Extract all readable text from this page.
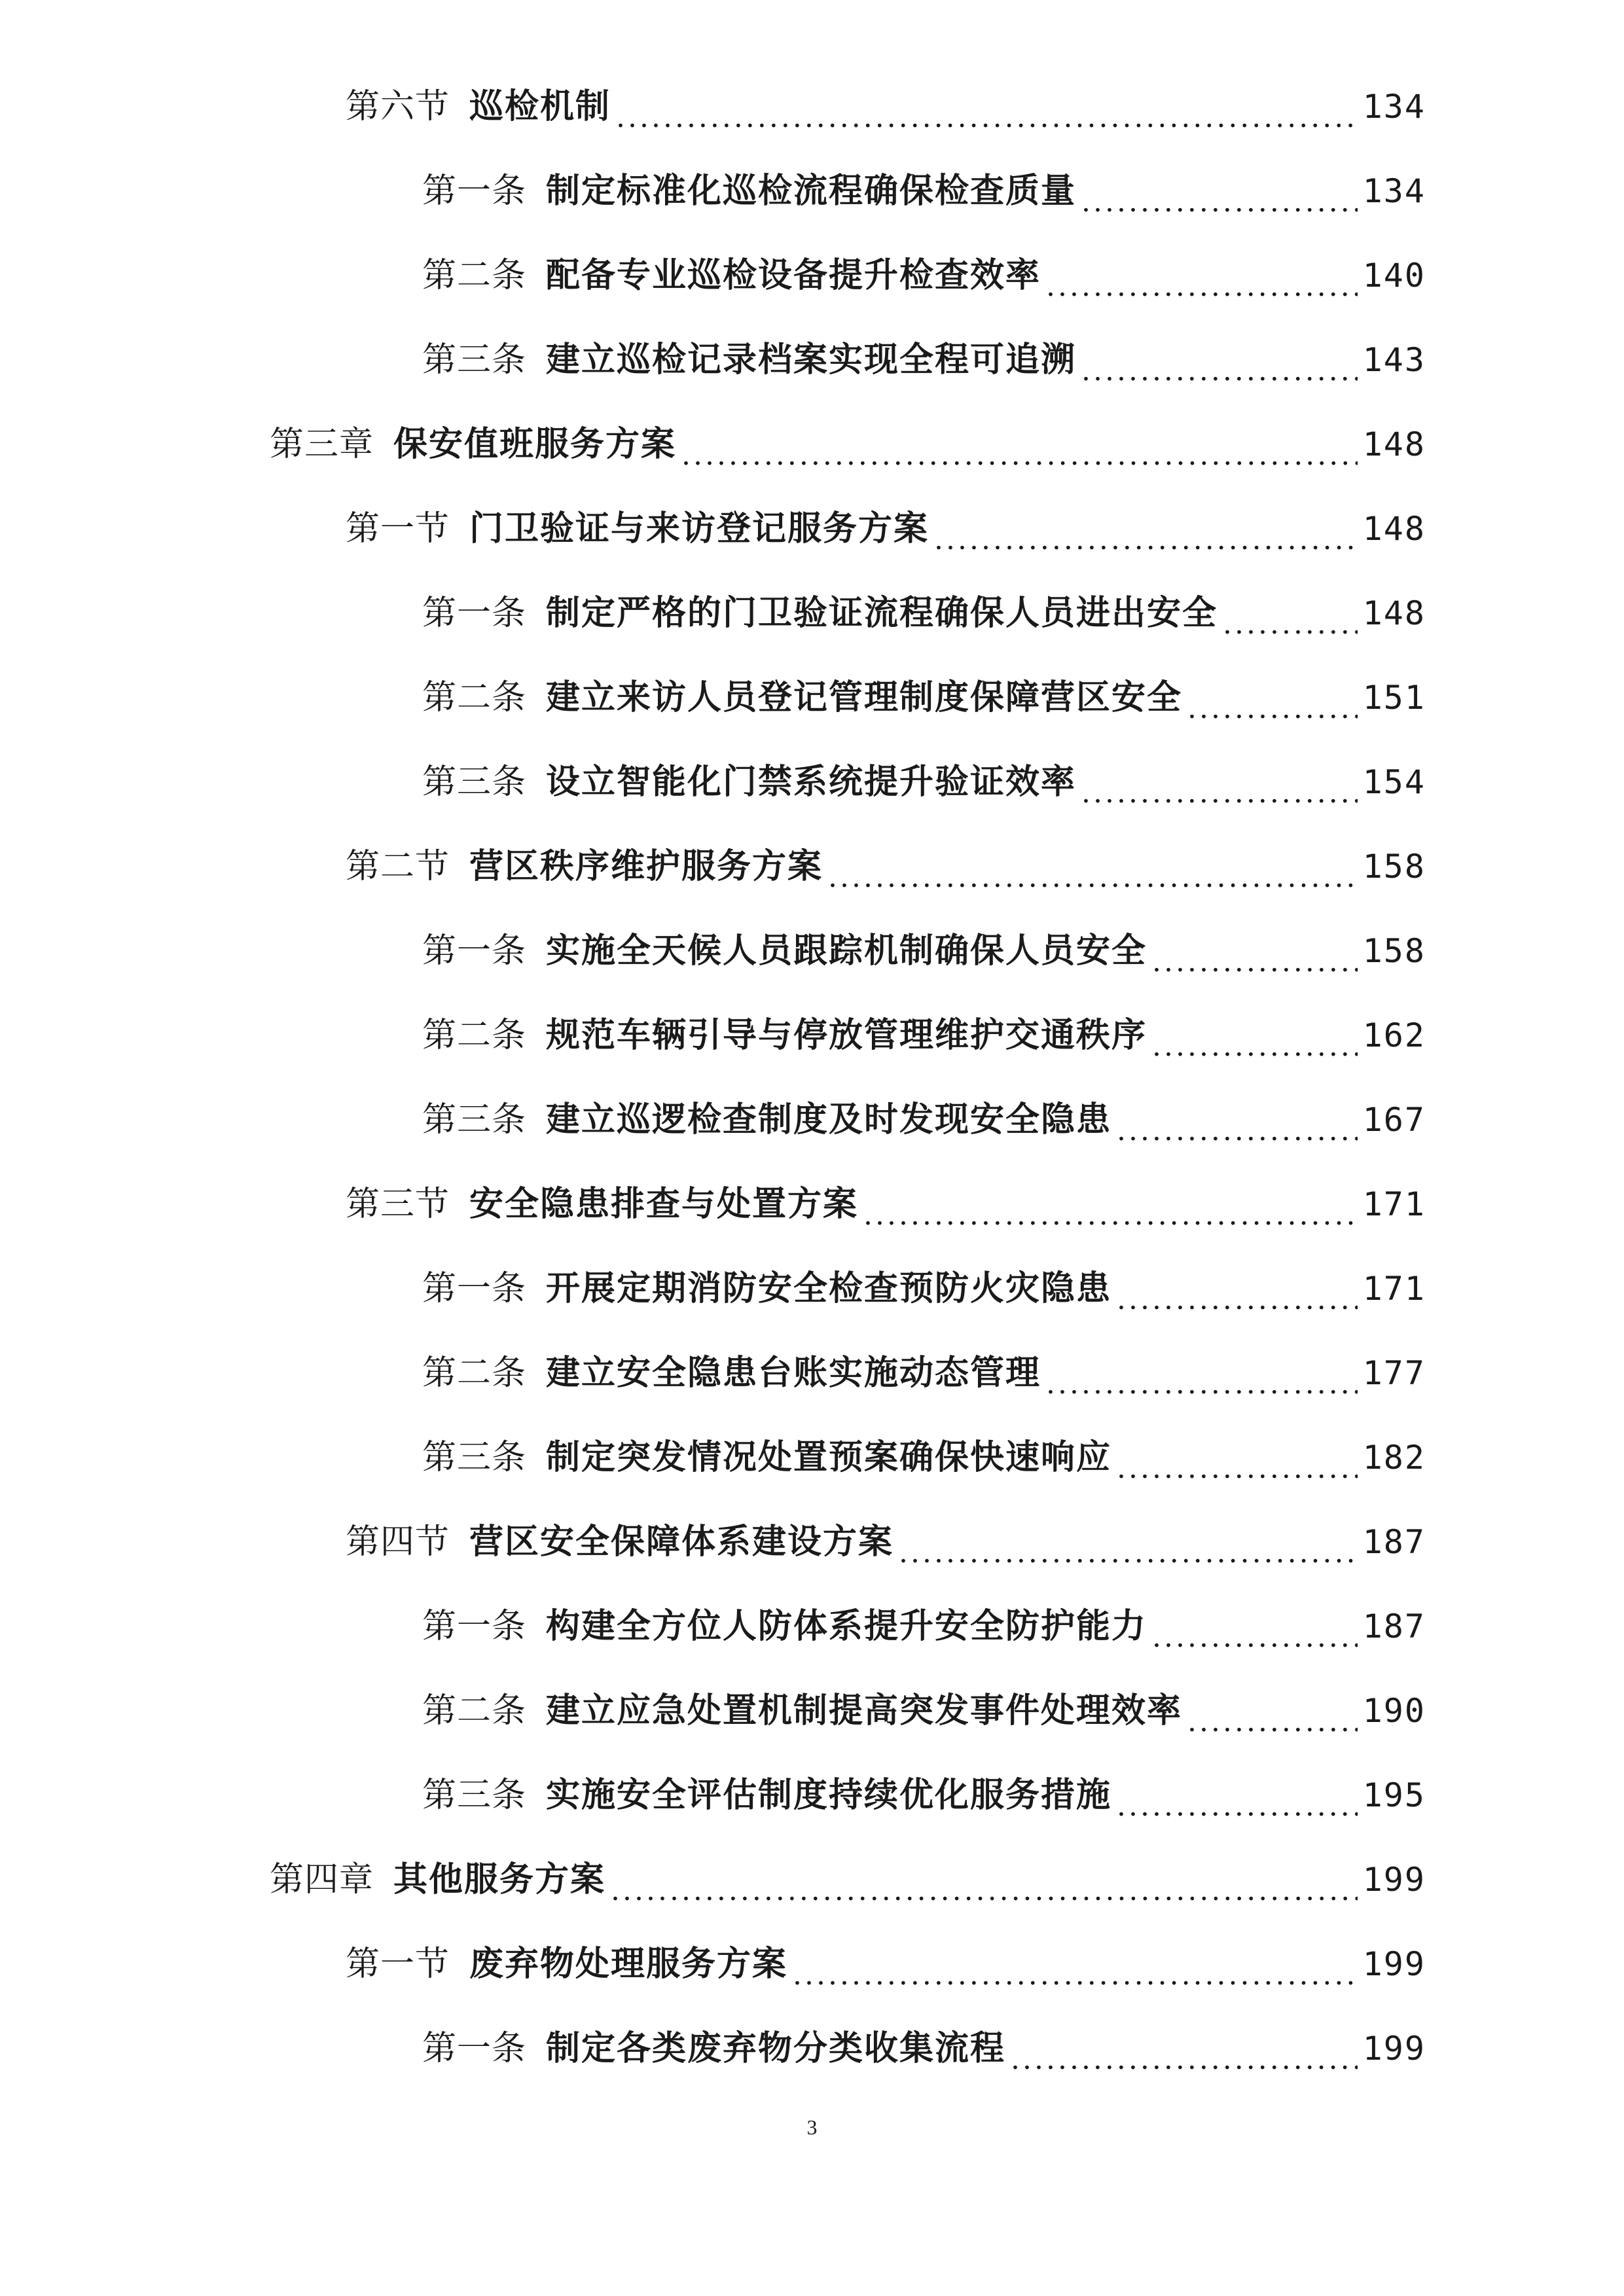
第六节 巡检机制 .....	134
第一条 制定标准化巡检流程确保检查质量 .....	134
第二条 配备专业巡检设备提升检查效率 .....	140
第三条 建立巡检记录档案实现全程可追溯 .....	143
第三章 保安值班服务方案 .....	148
第一节 门卫验证与来访登记服务方案 .....	148
第一条 制定严格的门卫验证流程确保人员进出安全 .....	148
第二条 建立来访人员登记管理制度保障营区安全 .....	151
第三条 设立智能化门禁系统提升验证效率 .....	154
第二节 营区秩序维护服务方案 .....	158
第一条 实施全天候人员跟踪机制确保人员安全 .....	158
第二条 规范车辆引导与停放管理维护交通秩序 .....	162
第三条 建立巡逻检查制度及时发现安全隐患 .....	167
第三节 安全隐患排查与处置方案 .....	171
第一条 开展定期消防安全检查预防火灾隐患 .....	171
第二条 建立安全隐患台账实施动态管理 .....	177
第三条 制定突发情况处置预案确保快速响应 .....	182
第四节 营区安全保障体系建设方案 .....	187
第一条 构建全方位人防体系提升安全防护能力 .....	187
第二条 建立应急处置机制提高突发事件处理效率 .....	190
第三条 实施安全评估制度持续优化服务措施 .....	195
第四章 其他服务方案 .....	199
第一节 废弃物处理服务方案 .....	199
第一条 制定各类废弃物分类收集流程 .....	199
3
